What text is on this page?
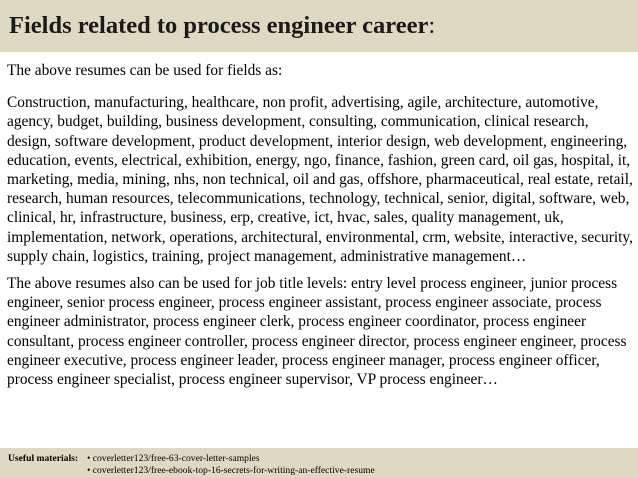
Fields related to process engineer career:

The above resumes can be used for fields as:

Construction, manufacturing, healthcare, non profit, advertising, agile, architecture, automotive, agency, budget, building, business development, consulting, communication, clinical research, design, software development, product development, interior design, web development, engineering, education, events, electrical, exhibition, energy, ngo, finance, fashion, green card, oil gas, hospital, it, marketing, media, mining, nhs, non technical, oil and gas, offshore, pharmaceutical, real estate, retail, research, human resources, telecommunications, technology, technical, senior, digital, software, web, clinical, hr, infrastructure, business, erp, creative, ict, hvac, sales, quality management, uk, implementation, network, operations, architectural, environmental, crm, website, interactive, security, supply chain, logistics, training, project management, administrative management…

The above resumes also can be used for job title levels: entry level process engineer, junior process engineer, senior process engineer, process engineer assistant, process engineer associate, process engineer administrator, process engineer clerk, process engineer coordinator, process engineer consultant, process engineer controller, process engineer director, process engineer engineer, process engineer executive, process engineer leader, process engineer manager, process engineer officer, process engineer specialist, process engineer supervisor, VP process engineer…

Useful materials: • coverletter123/free-63-cover-letter-samples
• coverletter123/free-ebook-top-16-secrets-for-writing-an-effective-resume
